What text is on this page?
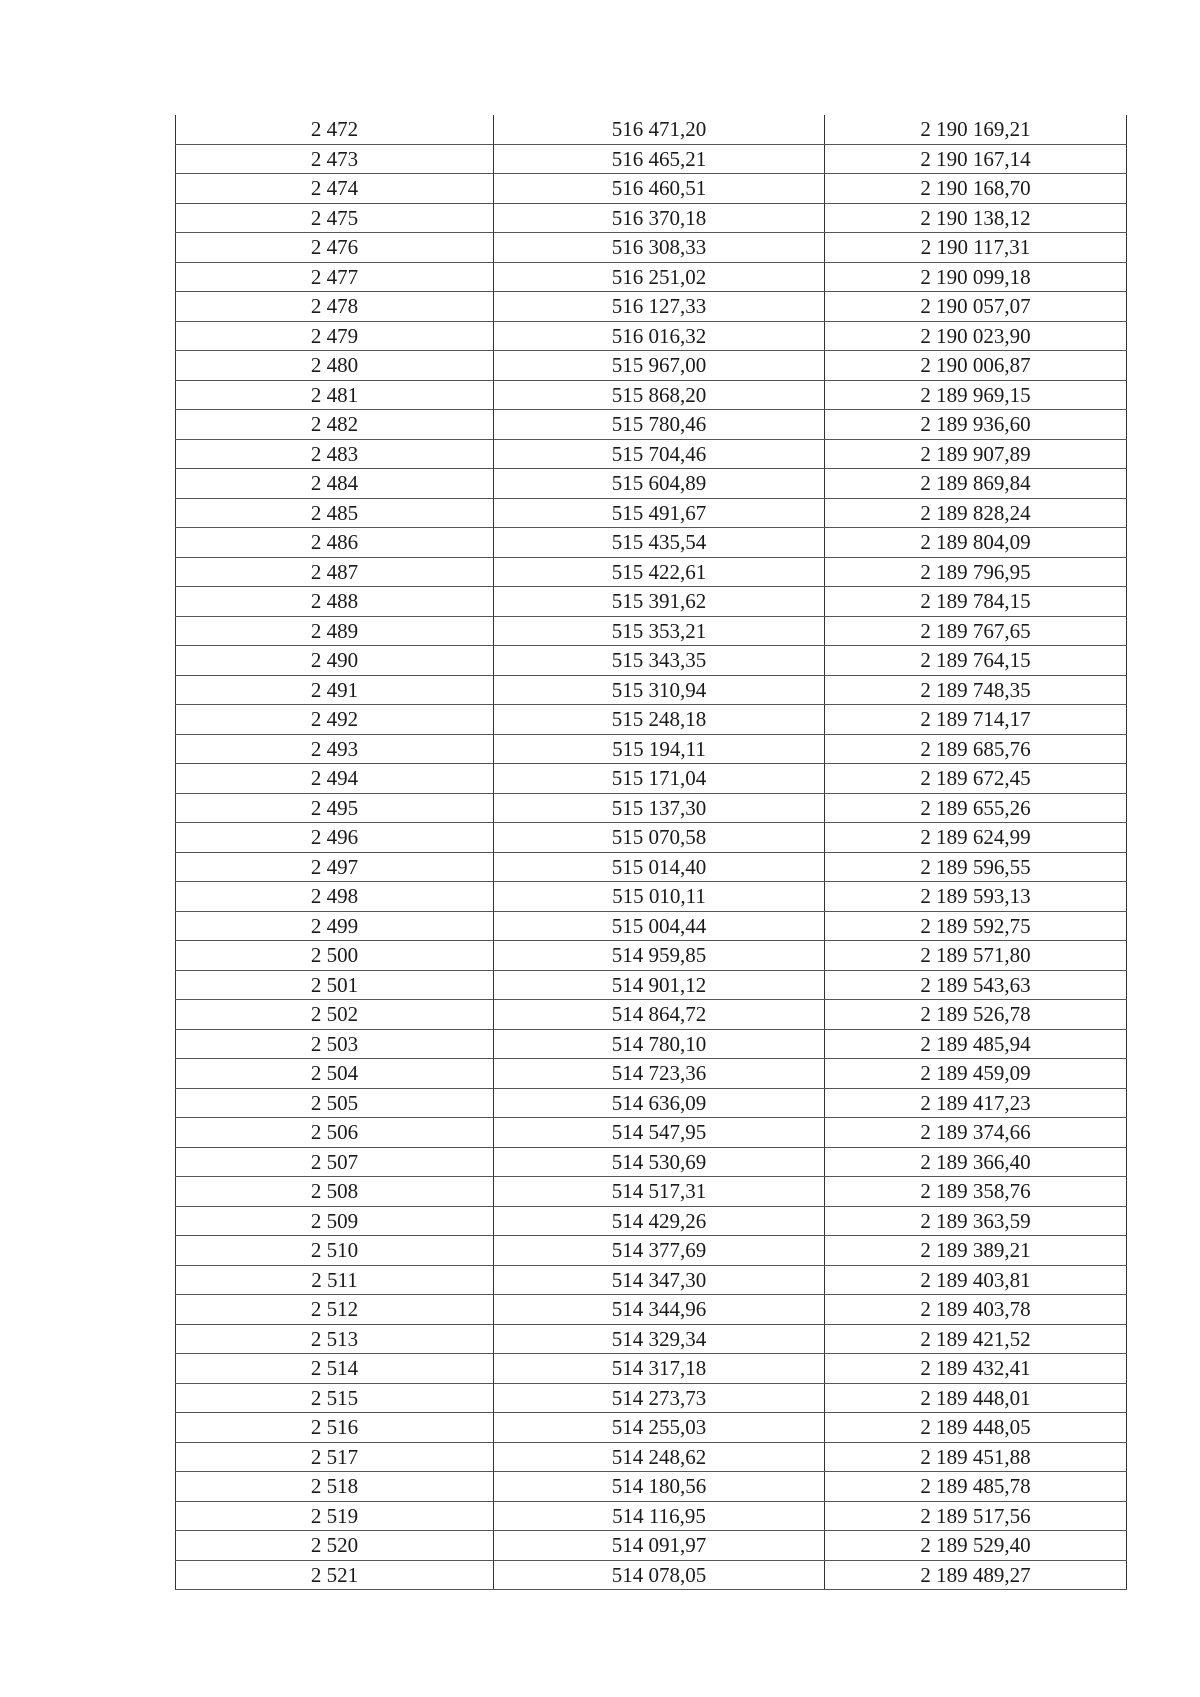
2 472	516 471,20	2 190 169,21
2 473	516 465,21	2 190 167,14
2 474	516 460,51	2 190 168,70
2 475	516 370,18	2 190 138,12
2 476	516 308,33	2 190 117,31
2 477	516 251,02	2 190 099,18
2 478	516 127,33	2 190 057,07
2 479	516 016,32	2 190 023,90
2 480	515 967,00	2 190 006,87
2 481	515 868,20	2 189 969,15
2 482	515 780,46	2 189 936,60
2 483	515 704,46	2 189 907,89
2 484	515 604,89	2 189 869,84
2 485	515 491,67	2 189 828,24
2 486	515 435,54	2 189 804,09
2 487	515 422,61	2 189 796,95
2 488	515 391,62	2 189 784,15
2 489	515 353,21	2 189 767,65
2 490	515 343,35	2 189 764,15
2 491	515 310,94	2 189 748,35
2 492	515 248,18	2 189 714,17
2 493	515 194,11	2 189 685,76
2 494	515 171,04	2 189 672,45
2 495	515 137,30	2 189 655,26
2 496	515 070,58	2 189 624,99
2 497	515 014,40	2 189 596,55
2 498	515 010,11	2 189 593,13
2 499	515 004,44	2 189 592,75
2 500	514 959,85	2 189 571,80
2 501	514 901,12	2 189 543,63
2 502	514 864,72	2 189 526,78
2 503	514 780,10	2 189 485,94
2 504	514 723,36	2 189 459,09
2 505	514 636,09	2 189 417,23
2 506	514 547,95	2 189 374,66
2 507	514 530,69	2 189 366,40
2 508	514 517,31	2 189 358,76
2 509	514 429,26	2 189 363,59
2 510	514 377,69	2 189 389,21
2 511	514 347,30	2 189 403,81
2 512	514 344,96	2 189 403,78
2 513	514 329,34	2 189 421,52
2 514	514 317,18	2 189 432,41
2 515	514 273,73	2 189 448,01
2 516	514 255,03	2 189 448,05
2 517	514 248,62	2 189 451,88
2 518	514 180,56	2 189 485,78
2 519	514 116,95	2 189 517,56
2 520	514 091,97	2 189 529,40
2 521	514 078,05	2 189 489,27
